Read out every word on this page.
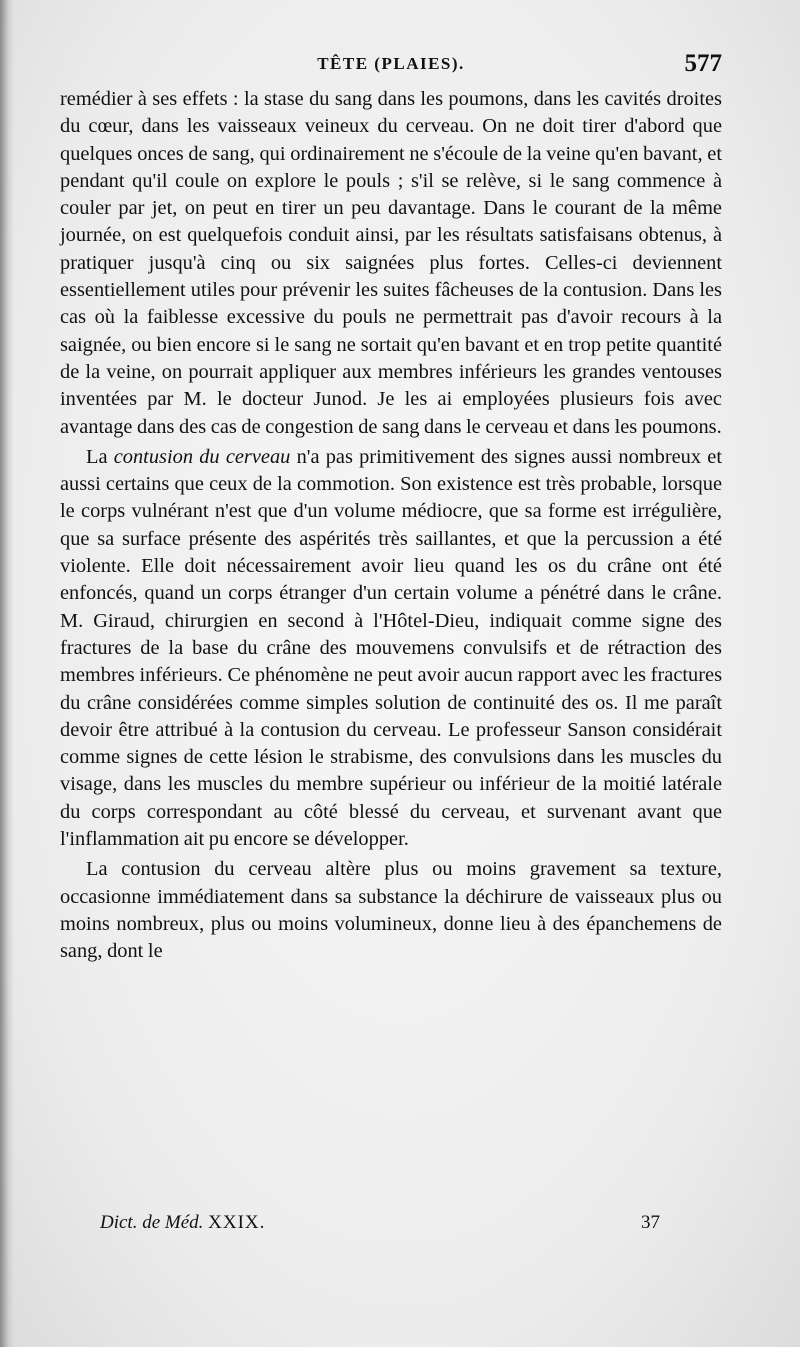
TÊTE (PLAIES).	577

remédier à ses effets : la stase du sang dans les poumons, dans les cavités droites du cœur, dans les vaisseaux veineux du cerveau. On ne doit tirer d'abord que quelques onces de sang, qui ordinairement ne s'écoule de la veine qu'en bavant, et pendant qu'il coule on explore le pouls ; s'il se relève, si le sang commence à couler par jet, on peut en tirer un peu davantage. Dans le courant de la même journée, on est quelquefois conduit ainsi, par les résultats satisfaisans obtenus, à pratiquer jusqu'à cinq ou six saignées plus fortes. Celles-ci deviennent essentiellement utiles pour prévenir les suites fâcheuses de la contusion. Dans les cas où la faiblesse excessive du pouls ne permettrait pas d'avoir recours à la saignée, ou bien encore si le sang ne sortait qu'en bavant et en trop petite quantité de la veine, on pourrait appliquer aux membres inférieurs les grandes ventouses inventées par M. le docteur Junod. Je les ai employées plusieurs fois avec avantage dans des cas de congestion de sang dans le cerveau et dans les poumons.

La contusion du cerveau n'a pas primitivement des signes aussi nombreux et aussi certains que ceux de la commotion. Son existence est très probable, lorsque le corps vulnérant n'est que d'un volume médiocre, que sa forme est irrégulière, que sa surface présente des aspérités très saillantes, et que la percussion a été violente. Elle doit nécessairement avoir lieu quand les os du crâne ont été enfoncés, quand un corps étranger d'un certain volume a pénétré dans le crâne. M. Giraud, chirurgien en second à l'Hôtel-Dieu, indiquait comme signe des fractures de la base du crâne des mouvemens convulsifs et de rétraction des membres inférieurs. Ce phénomène ne peut avoir aucun rapport avec les fractures du crâne considérées comme simples solution de continuité des os. Il me paraît devoir être attribué à la contusion du cerveau. Le professeur Sanson considérait comme signes de cette lésion le strabisme, des convulsions dans les muscles du visage, dans les muscles du membre supérieur ou inférieur de la moitié latérale du corps correspondant au côté blessé du cerveau, et survenant avant que l'inflammation ait pu encore se développer.

La contusion du cerveau altère plus ou moins gravement sa texture, occasionne immédiatement dans sa substance la déchirure de vaisseaux plus ou moins nombreux, plus ou moins volumineux, donne lieu à des épanchemens de sang, dont le

Dict. de Méd. XXIX.	37
